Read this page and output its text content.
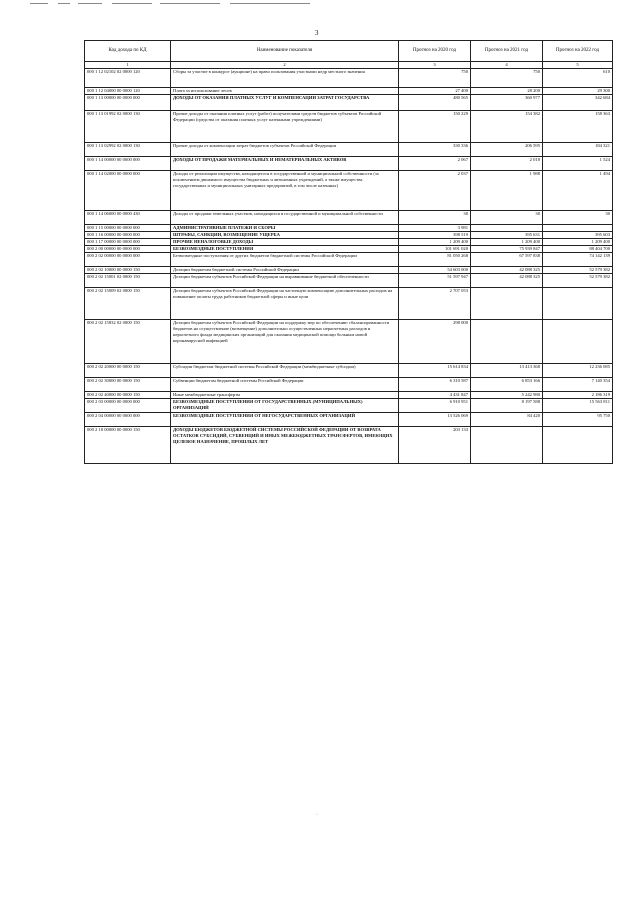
3
Код дохода по КД	Наименование показателя	Прогноз на 2020 год	Прогноз на 2021 год	Прогноз на 2022 год
1	2	3	4	5
000 1 12 02102 02 0000 120	Сборы за участие в конкурсе (аукционе) на право пользования участками недр местного значения	750	750	610
000 1 12 04000 00 0000 120	Плата за использование лесов	27 400	28 200	29 300
000 1 13 00000 00 0000 000	ДОХОДЫ ОТ ОКАЗАНИЯ ПЛАТНЫХ УСЛУГ И КОМПЕНСАЦИИ ЗАТРАТ ГОСУДАРСТВА	480 565	360 977	342 684
000 1 13 01992 02 0000 130	Прочие доходы от оказания платных услуг (работ) получателями средств бюджетов субъектов Российской Федерации (средства от оказания платных услуг казенными учреждениями)	150 229	154 382	158 363
000 1 13 02992 02 0000 130	Прочие доходы от компенсации затрат бюджетов субъектов Российской Федерации	330 336	206 595	184 321
000 1 14 00000 00 0000 000	ДОХОДЫ ОТ ПРОДАЖИ МАТЕРИАЛЬНЫХ И НЕМАТЕРИАЛЬНЫХ АКТИВОВ	2 067	2 018	1 524
000 1 14 02000 00 0000 000	Доходы от реализации имущества, находящегося в государственной и муниципальной собственности (за исключением движимого имущества бюджетных и автономных учреждений, а также имущества государственных и муниципальных унитарных предприятий, в том числе казенных)	2 037	1 988	1 494
000 1 14 06000 00 0000 430	Доходы от продажи земельных участков, находящихся в государственной и муниципальной собственности	30	30	30
000 1 15 00000 00 0000 000	АДМИНИСТРАТИВНЫЕ ПЛАТЕЖИ И СБОРЫ	3 981		
000 1 16 00000 00 0000 000	ШТРАФЫ, САНКЦИИ, ВОЗМЕЩЕНИЕ УЩЕРБА	398 519	395 631	395 603
000 1 17 00000 00 0000 000	ПРОЧИЕ НЕНАЛОГОВЫЕ ДОХОДЫ	1 209 400	1 209 400	1 209 400
000 2 00 00000 00 0000 000	БЕЗВОЗМЕЗДНЫЕ ПОСТУПЛЕНИЯ	101 691 020	75 939 847	88 404 700
000 2 02 00000 00 0000 000	Безвозмездные поступления от других бюджетов бюджетной системы Российской Федерации	81 050 268	67 597 838	74 142 139
000 2 02 10000 00 0000 150	Дотации бюджетам бюджетной системы Российской Федерации	54 603 000	42 088 325	52 579 382
000 2 02 15001 02 0000 150	Дотации бюджетам субъектов Российской Федерации на выравнивание бюджетной обеспеченности	51 597 947	42 088 325	52 579 382
000 2 02 15009 02 0000 150	Дотации бюджетам субъектов Российской Федерации на частичную компенсацию дополнительных расходов на повышение оплаты труда работников бюджетной сферы и иные цели	2 707 053		
000 2 02 15832 02 0000 150	Дотации бюджетам субъектов Российской Федерации на поддержку мер по обеспечению сбалансированности бюджетов на осуществление (возмещение) дополнительно осуществленных нерасчетных расходов и нерасчетного фонда медицинских организаций для оказания медицинской помощи больным новой коронавирусной инфекцией	298 000		
000 2 02 20000 00 0000 150	Субсидии бюджетам бюджетной системы Российской Федерации (межбюджетные субсидии)	15 614 834	13 413 368	12 236 085
000 2 02 30000 00 0000 150	Субвенции бюджетам бюджетной системы Российской Федерации	6 310 587	6 853 166	7 140 354
000 2 02 40000 00 0000 150	Иные межбюджетные трансферты	4 431 847	5 242 980	2 186 319
000 2 03 00000 00 0000 000	БЕЗВОЗМЕЗДНЫЕ ПОСТУПЛЕНИЯ ОТ ГОСУДАРСТВЕННЫХ (МУНИЦИПАЛЬНЫХ) ОРГАНИЗАЦИЙ	6 910 951	8 197 588	15 563 811
000 2 04 00000 00 0000 000	БЕЗВОЗМЕЗДНЫЕ ПОСТУПЛЕНИЯ ОТ НЕГОСУДАРСТВЕННЫХ ОРГАНИЗАЦИЙ	13 526 069	84 420	95 750
000 2 18 00000 00 0000 150	ДОХОДЫ БЮДЖЕТОВ БЮДЖЕТНОЙ СИСТЕМЫ РОССИЙСКОЙ ФЕДЕРАЦИИ ОТ ВОЗВРАТА ОСТАТКОВ СУБСИДИЙ, СУБВЕНЦИЙ И ИНЫХ МЕЖБЮДЖЕТНЫХ ТРАНСФЕРТОВ, ИМЕЮЩИХ ЦЕЛЕВОЕ НАЗНАЧЕНИЕ, ПРОШЛЫХ ЛЕТ	203 133		
·
